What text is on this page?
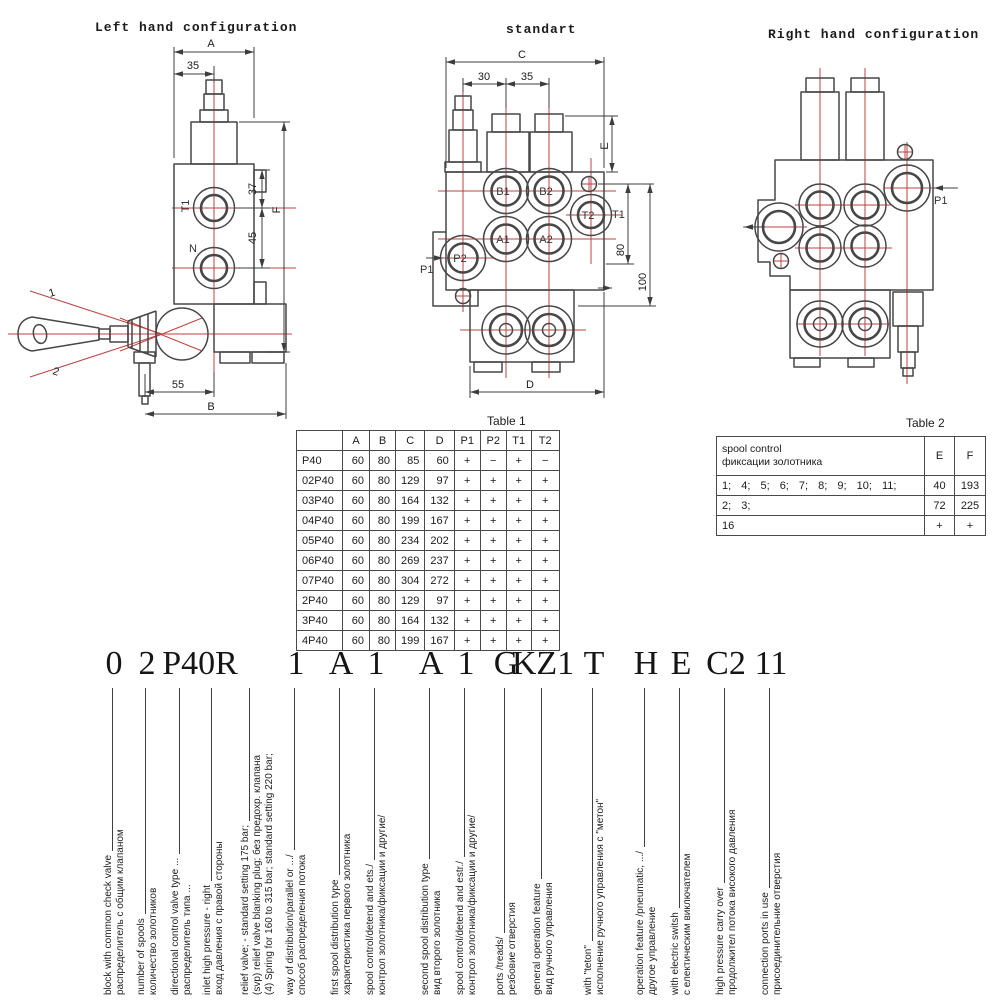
Left hand configuration	standart	Right hand configuration
A
35
37
45
F
55
B
T1
N
1
2
C
30	35
E
80
100
D
B1	B2
A1	A2
T2
P2
T1
P1
P1
Table 1
	A	B	C	D	P1	P2	T1	T2
P40	60	80	85	60	+	−	+	−
02P40	60	80	129	97	+	+	+	+
03P40	60	80	164	132	+	+	+	+
04P40	60	80	199	167	+	+	+	+
05P40	60	80	234	202	+	+	+	+
06P40	60	80	269	237	+	+	+	+
07P40	60	80	304	272	+	+	+	+
2P40	60	80	129	97	+	+	+	+
3P40	60	80	164	132	+	+	+	+
4P40	60	80	199	167	+	+	+	+
Table 2
spool control
фиксации золотника	E	F
1; 4; 5; 6; 7; 8; 9; 10; 11;	40	193
2; 3;	72	225
16	+	+
0 2 P40R 1 A 1 A 1 G
KZ1 T H E C2 11
block with common check valve распределитель с общим клапаном number of spools количество золотников directional control valve type ... распределитель типа ... inlet high pressure - right вход давления с правой стороны relief valve; - standard setting 175 bar; (svp) relief valve blanking plug; без предохр. клапана (4) Spring for 160 to 315 bar; standard setting 220 bar; way of distribution/parallel or .../ способ распределения потока first spool distribution type характеристика первого золотника spool control/detend and ets./ контрол золотника/фиксации и другие/	second spool distribution type вид второго золотника spool control/detend and estr./ контрол золотника/фиксации и другие/ ports /treads/ резбовие отверстия general operation feature вид ручного управления	with "teton" исполнение ручного управления с "метон"	operation feature /pneumatic, .../ другое управление with electric switsh с електическим виключателем high pressure carry over продолжител потока високого давления connection ports in use присоединительние отверстия
